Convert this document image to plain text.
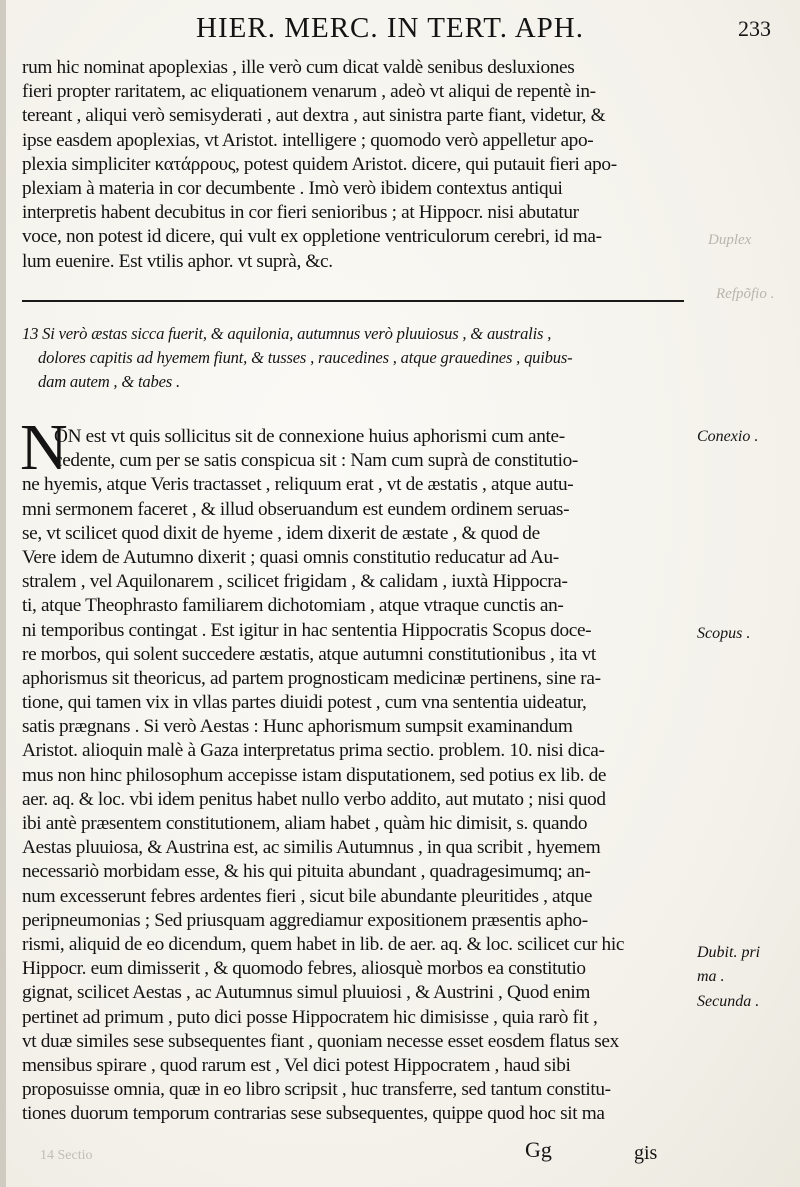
HIER. MERC. IN TERT. APH.	233
Duplex
Refpõfio .
rum hic nominat apoplexias , ille verò cum dicat valdè senibus desluxiones
fieri propter raritatem, ac eliquationem venarum , adeò vt aliqui de repentè in-
tereant , aliqui verò semisyderati , aut dextra , aut sinistra parte fiant, videtur, &
ipse easdem apoplexias, vt Aristot. intelligere ; quomodo verò appelletur apo-
plexia simpliciter κατάρρους, potest quidem Aristot. dicere, qui putauit fieri apo-
plexiam à materia in cor decumbente . Imò verò ibidem contextus antiqui
interpretis habent decubitus in cor fieri senioribus ; at Hippocr. nisi abutatur
voce, non potest id dicere, qui vult ex oppletione ventriculorum cerebri, id ma-
lum euenire. Est vtilis aphor. vt suprà, &c.
13 Si verò æstas sicca fuerit, & aquilonia, autumnus verò pluuiosus , & australis ,
dolores capitis ad hyemem fiunt, & tusses , raucedines , atque grauedines , quibus-
dam autem , & tabes .
N
ON est vt quis sollicitus sit de connexione huius aphorismi cum ante-
cedente, cum per se satis conspicua sit : Nam cum suprà de constitutio-
ne hyemis, atque Veris tractasset , reliquum erat , vt de æstatis , atque autu-
mni sermonem faceret , & illud obseruandum est eundem ordinem seruas-
se, vt scilicet quod dixit de hyeme , idem dixerit de æstate , & quod de
Vere idem de Autumno dixerit ; quasi omnis constitutio reducatur ad Au-
stralem , vel Aquilonarem , scilicet frigidam , & calidam , iuxtà Hippocra-
ti, atque Theophrasto familiarem dichotomiam , atque vtraque cunctis an-
ni temporibus contingat . Est igitur in hac sententia Hippocratis Scopus doce-
re morbos, qui solent succedere æstatis, atque autumni constitutionibus , ita vt
aphorismus sit theoricus, ad partem prognosticam medicinæ pertinens, sine ra-
tione, qui tamen vix in vllas partes diuidi potest , cum vna sententia uideatur,
satis prægnans . Si verò Aestas : Hunc aphorismum sumpsit examinandum
Aristot. alioquin malè à Gaza interpretatus prima sectio. problem. 10. nisi dica-
mus non hinc philosophum accepisse istam disputationem, sed potius ex lib. de
aer. aq. & loc. vbi idem penitus habet nullo verbo addito, aut mutato ; nisi quod
ibi antè præsentem constitutionem, aliam habet , quàm hic dimisit, s. quando
Aestas pluuiosa, & Austrina est, ac similis Autumnus , in qua scribit , hyemem
necessariò morbidam esse, & his qui pituita abundant , quadragesimumq; an-
num excesserunt febres ardentes fieri , sicut bile abundante pleuritides , atque
peripneumonias ; Sed priusquam aggrediamur expositionem præsentis apho-
rismi, aliquid de eo dicendum, quem habet in lib. de aer. aq. & loc. scilicet cur hic
Hippocr. eum dimisserit , & quomodo febres, aliosquè morbos ea constitutio
gignat, scilicet Aestas , ac Autumnus simul pluuiosi , & Austrini , Quod enim
pertinet ad primum , puto dici posse Hippocratem hic dimisisse , quia rarò fit ,
vt duæ similes sese subsequentes fiant , quoniam necesse esset eosdem flatus sex
mensibus spirare , quod rarum est , Vel dici potest Hippocratem , haud sibi
proposuisse omnia, quæ in eo libro scripsit , huc transferre, sed tantum constitu-
tiones duorum temporum contrarias sese subsequentes, quippe quod hoc sit ma
Conexio .
Scopus .
Dubit. pri
ma .
Secunda .
14 Sectio	Gg	gis
